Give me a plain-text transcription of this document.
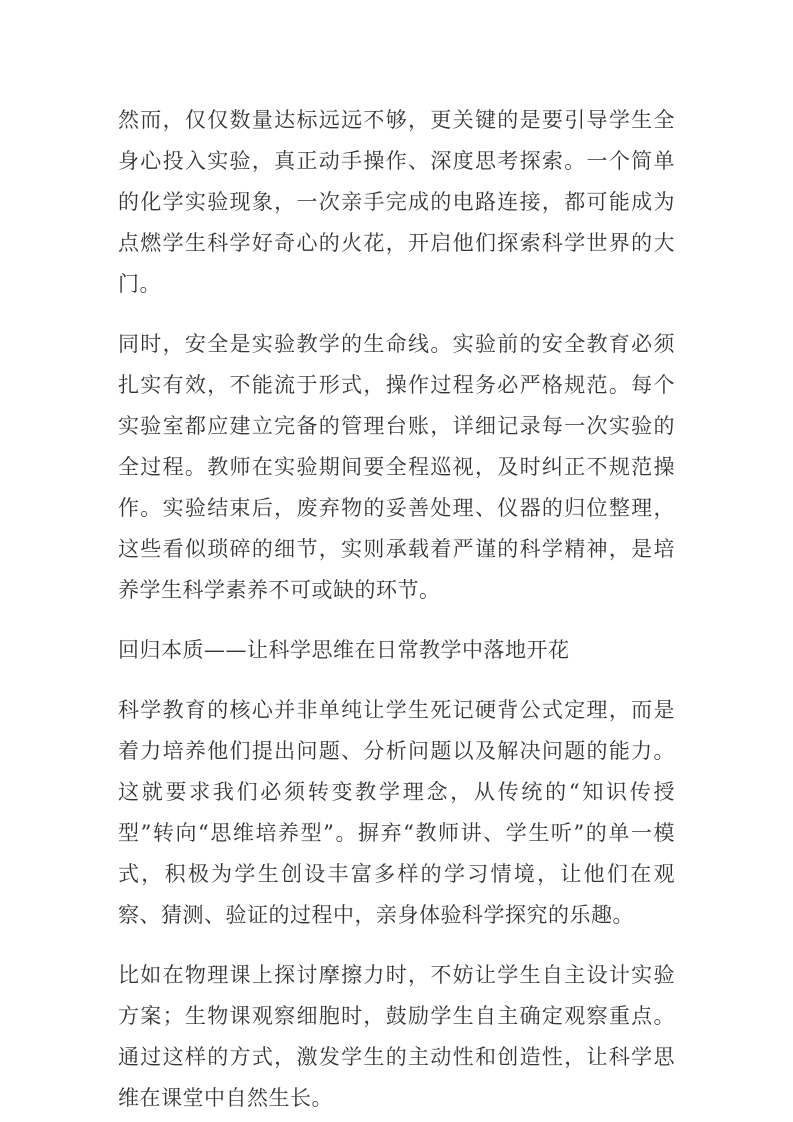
然而，仅仅数量达标远远不够，更关键的是要引导学生全身心投入实验，真正动手操作、深度思考探索。一个简单的化学实验现象，一次亲手完成的电路连接，都可能成为点燃学生科学好奇心的火花，开启他们探索科学世界的大门。

同时，安全是实验教学的生命线。实验前的安全教育必须扎实有效，不能流于形式，操作过程务必严格规范。每个实验室都应建立完备的管理台账，详细记录每一次实验的全过程。教师在实验期间要全程巡视，及时纠正不规范操作。实验结束后，废弃物的妥善处理、仪器的归位整理，这些看似琐碎的细节，实则承载着严谨的科学精神，是培养学生科学素养不可或缺的环节。

回归本质——让科学思维在日常教学中落地开花

科学教育的核心并非单纯让学生死记硬背公式定理，而是着力培养他们提出问题、分析问题以及解决问题的能力。这就要求我们必须转变教学理念，从传统的“知识传授型”转向“思维培养型”。摒弃“教师讲、学生听”的单一模式，积极为学生创设丰富多样的学习情境，让他们在观察、猜测、验证的过程中，亲身体验科学探究的乐趣。

比如在物理课上探讨摩擦力时，不妨让学生自主设计实验方案；生物课观察细胞时，鼓励学生自主确定观察重点。通过这样的方式，激发学生的主动性和创造性，让科学思维在课堂中自然生长。
